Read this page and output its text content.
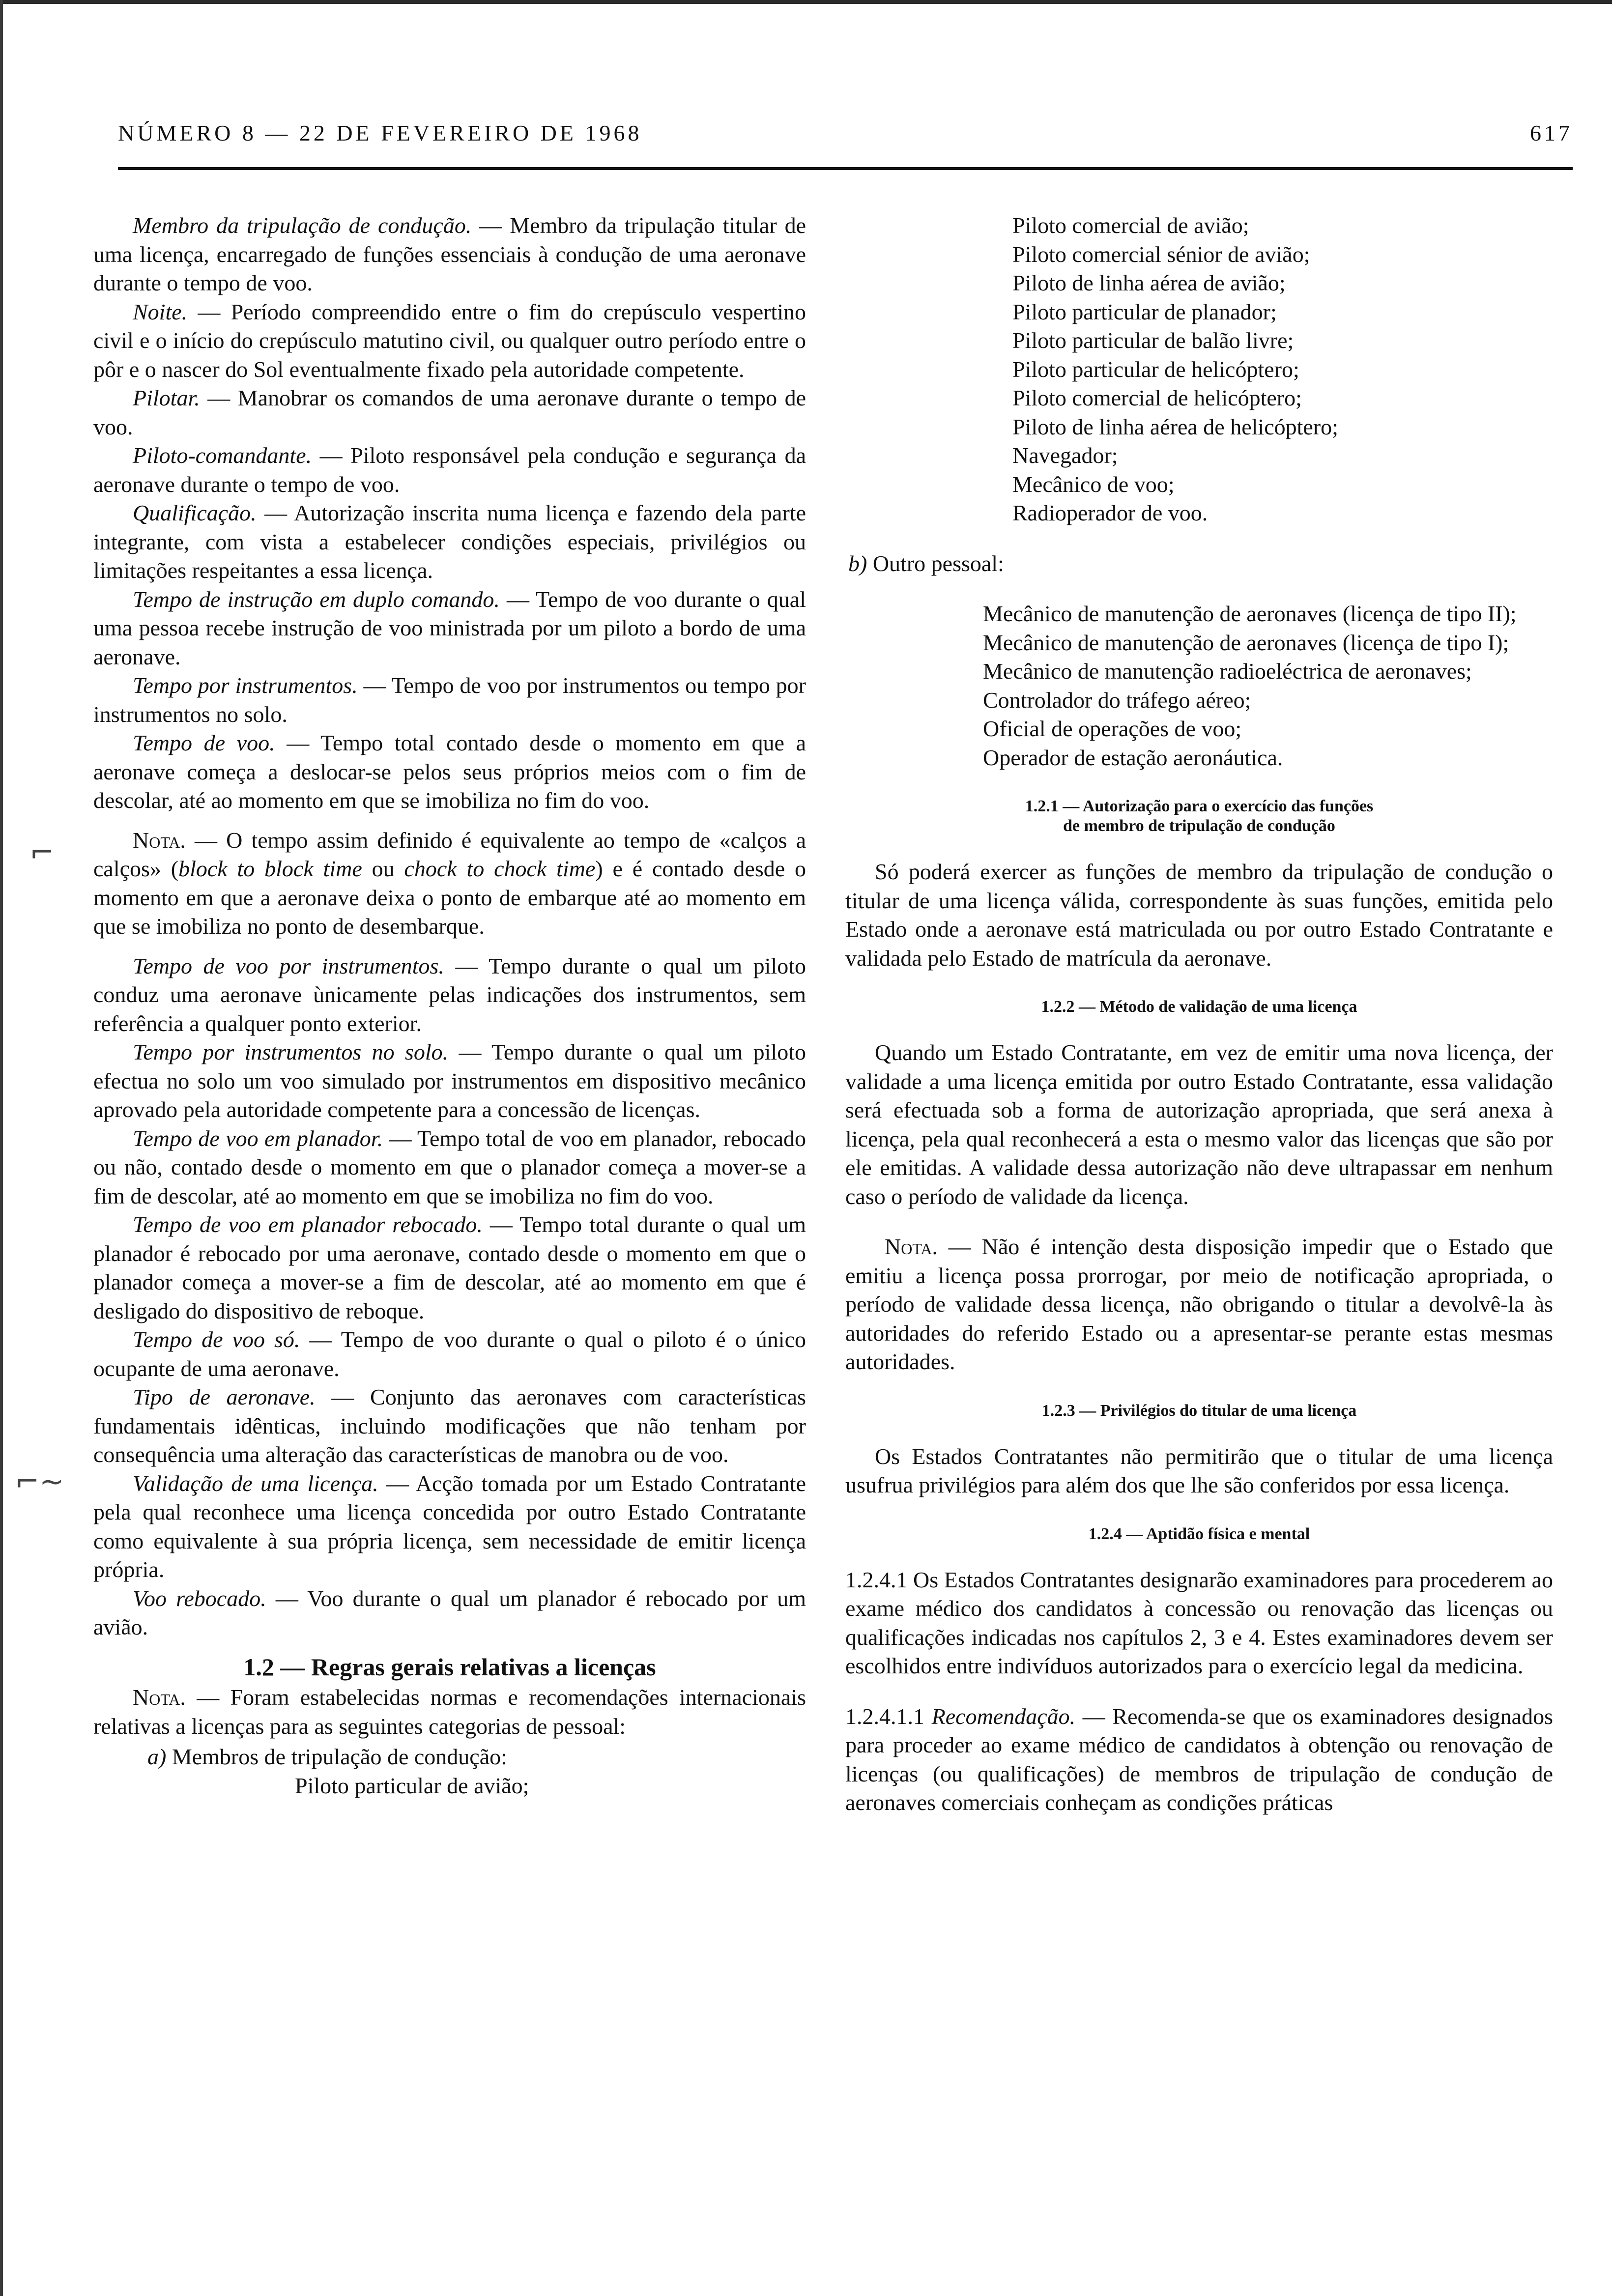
NÚMERO 8 — 22 DE FEVEREIRO DE 1968	617

Membro da tripulação de condução. — Membro da tripulação titular de uma licença, encarregado de funções essenciais à condução de uma aeronave durante o tempo de voo.

Noite. — Período compreendido entre o fim do crepúsculo vespertino civil e o início do crepúsculo matutino civil, ou qualquer outro período entre o pôr e o nascer do Sol eventualmente fixado pela autoridade competente.

Pilotar. — Manobrar os comandos de uma aeronave durante o tempo de voo.

Piloto-comandante. — Piloto responsável pela condução e segurança da aeronave durante o tempo de voo.

Qualificação. — Autorização inscrita numa licença e fazendo dela parte integrante, com vista a estabelecer condições especiais, privilégios ou limitações respeitantes a essa licença.

Tempo de instrução em duplo comando. — Tempo de voo durante o qual uma pessoa recebe instrução de voo ministrada por um piloto a bordo de uma aeronave.

Tempo por instrumentos. — Tempo de voo por instrumentos ou tempo por instrumentos no solo.

Tempo de voo. — Tempo total contado desde o momento em que a aeronave começa a deslocar-se pelos seus próprios meios com o fim de descolar, até ao momento em que se imobiliza no fim do voo.

Nota. — O tempo assim definido é equivalente ao tempo de «calços a calços» (block to block time ou chock to chock time) e é contado desde o momento em que a aeronave deixa o ponto de embarque até ao momento em que se imobiliza no ponto de desembarque.

Tempo de voo por instrumentos. — Tempo durante o qual um piloto conduz uma aeronave ùnicamente pelas indicações dos instrumentos, sem referência a qualquer ponto exterior.

Tempo por instrumentos no solo. — Tempo durante o qual um piloto efectua no solo um voo simulado por instrumentos em dispositivo mecânico aprovado pela autoridade competente para a concessão de licenças.

Tempo de voo em planador. — Tempo total de voo em planador, rebocado ou não, contado desde o momento em que o planador começa a mover-se a fim de descolar, até ao momento em que se imobiliza no fim do voo.

Tempo de voo em planador rebocado. — Tempo total durante o qual um planador é rebocado por uma aeronave, contado desde o momento em que o planador começa a mover-se a fim de descolar, até ao momento em que é desligado do dispositivo de reboque.

Tempo de voo só. — Tempo de voo durante o qual o piloto é o único ocupante de uma aeronave.

Tipo de aeronave. — Conjunto das aeronaves com características fundamentais idênticas, incluindo modificações que não tenham por consequência uma alteração das características de manobra ou de voo.

Validação de uma licença. — Acção tomada por um Estado Contratante pela qual reconhece uma licença concedida por outro Estado Contratante como equivalente à sua própria licença, sem necessidade de emitir licença própria.

Voo rebocado. — Voo durante o qual um planador é rebocado por um avião.

1.2 — Regras gerais relativas a licenças

Nota. — Foram estabelecidas normas e recomendações internacionais relativas a licenças para as seguintes categorias de pessoal:

a) Membros de tripulação de condução:

Piloto particular de avião;

Piloto comercial de avião;
Piloto comercial sénior de avião;
Piloto de linha aérea de avião;
Piloto particular de planador;
Piloto particular de balão livre;
Piloto particular de helicóptero;
Piloto comercial de helicóptero;
Piloto de linha aérea de helicóptero;
Navegador;
Mecânico de voo;
Radioperador de voo.

b) Outro pessoal:

Mecânico de manutenção de aeronaves (licença de tipo II);
Mecânico de manutenção de aeronaves (licença de tipo I);
Mecânico de manutenção radioeléctrica de aeronaves;
Controlador do tráfego aéreo;
Oficial de operações de voo;
Operador de estação aeronáutica.

1.2.1 — Autorização para o exercício das funções
de membro de tripulação de condução

Só poderá exercer as funções de membro da tripulação de condução o titular de uma licença válida, correspondente às suas funções, emitida pelo Estado onde a aeronave está matriculada ou por outro Estado Contratante e validada pelo Estado de matrícula da aeronave.

1.2.2 — Método de validação de uma licença

Quando um Estado Contratante, em vez de emitir uma nova licença, der validade a uma licença emitida por outro Estado Contratante, essa validação será efectuada sob a forma de autorização apropriada, que será anexa à licença, pela qual reconhecerá a esta o mesmo valor das licenças que são por ele emitidas. A validade dessa autorização não deve ultrapassar em nenhum caso o período de validade da licença.

Nota. — Não é intenção desta disposição impedir que o Estado que emitiu a licença possa prorrogar, por meio de notificação apropriada, o período de validade dessa licença, não obrigando o titular a devolvê-la às autoridades do referido Estado ou a apresentar-se perante estas mesmas autoridades.

1.2.3 — Privilégios do titular de uma licença

Os Estados Contratantes não permitirão que o titular de uma licença usufrua privilégios para além dos que lhe são conferidos por essa licença.

1.2.4 — Aptidão física e mental

1.2.4.1 Os Estados Contratantes designarão examinadores para procederem ao exame médico dos candidatos à concessão ou renovação das licenças ou qualificações indicadas nos capítulos 2, 3 e 4. Estes examinadores devem ser escolhidos entre indivíduos autorizados para o exercício legal da medicina.

1.2.4.1.1 Recomendação. — Recomenda-se que os examinadores designados para proceder ao exame médico de candidatos à obtenção ou renovação de licenças (ou qualificações) de membros de tripulação de condução de aeronaves comerciais conheçam as condições práticas

⌐
⌐~
